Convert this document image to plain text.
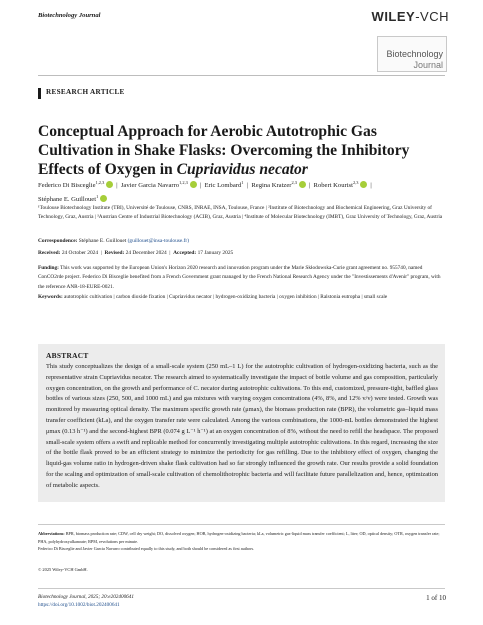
Biotechnology Journal	WILEY-VCH
Biotechnology
Journal
RESEARCH ARTICLE
Conceptual Approach for Aerobic Autotrophic Gas Cultivation in Shake Flasks: Overcoming the Inhibitory Effects of Oxygen in Cupriavidus necator
Federico Di Bisceglie$^{1,2,3}$   |  Javier Garcia Navarro$^{1,2,3}$   |  Eric Lombard$^1$  |  Regina Kratzer$^{2,3}$   |  Robert Kourist$^{2,3}$   |
Stéphane E. Guillouet$^1$
¹Toulouse Biotechnology Institute (TBI), Université de Toulouse, CNRS, INRAE, INSA, Toulouse, France | ²Institute of Biotechnology and Biochemical Engineering, Graz University of Technology, Graz, Austria | ³Austrian Centre of Industrial Biotechnology (ACIB), Graz, Austria | ⁴Institute of Molecular Biotechnology (IMBT), Graz University of Technology, Graz, Austria
Correspondence: Stéphane E. Guillouet (guillouet@insa-toulouse.fr)
Received: 24 October 2024  |  Revised: 24 December 2024  |  Accepted: 17 January 2025
Funding: This work was supported by the European Union's Horizon 2020 research and innovation program under the Marie Skłodowska-Curie grant agreement no. 955740, named ConCO2rde project. Federico Di Bisceglie benefited from a French Government grant managed by the French National Research Agency under the "Investissements d'Avenir" program, with the reference ANR-18-EURE-0021.
Keywords: autotrophic cultivation | carbon dioxide fixation | Cupriavidus necator | hydrogen-oxidizing bacteria | oxygen inhibition | Ralstonia eutropha | small scale
ABSTRACT
This study conceptualizes the design of a small-scale system (250 mL–1 L) for the autotrophic cultivation of hydrogen-oxidizing bacteria, such as the representative strain Cupriavidus necator. The research aimed to systematically investigate the impact of bottle volume and gas composition, particularly oxygen concentration, on the growth and performance of C. necator during autotrophic cultivations. To this end, customized, pressure-tight, baffled glass bottles of various sizes (250, 500, and 1000 mL) and gas mixtures with varying oxygen concentrations (4%, 8%, and 12% v/v) were tested. Growth was monitored by measuring optical density. The maximum specific growth rate (μmax), the biomass production rate (BPR), the volumetric gas–liquid mass transfer coefficient (kLa), and the oxygen transfer rate were calculated. Among the various combinations, the 1000-mL bottles demonstrated the highest μmax (0.13 h⁻¹) and the second-highest BPR (0.074 g L⁻¹ h⁻¹) at an oxygen concentration of 8%, without the need to refill the headspace. The proposed small-scale system offers a swift and replicable method for concurrently investigating multiple autotrophic cultivations. In this regard, increasing the size of the bottle flask proved to be an efficient strategy to minimize the periodicity for gas refilling. Due to the inhibitory effect of oxygen, changing the liquid-gas volume ratio in hydrogen-driven shake flask cultivation had so far strongly influenced the growth rate. Our results provide a solid foundation for the scaling and optimization of small-scale cultivation of chemolithotrophic bacteria and will facilitate future parallelization and, hence, optimization of metabolic aspects.
Abbreviations: BPR, biomass production rate; CDW, cell dry weight; DO, dissolved oxygen; HOB, hydrogen-oxidizing bacteria; kLa, volumetric gas-liquid mass transfer coefficient; L, liter; OD, optical density; OTR, oxygen transfer rate; PHA, polyhydroxyalkanoate; RPM, revolutions per minute.
Federico Di Bisceglie and Javier Garcia Navarro contributed equally to this study, and both should be considered as first authors.
© 2025 Wiley-VCH GmbH.
Biotechnology Journal, 2025; 20:e202400641
https://doi.org/10.1002/biot.202400641
1 of 10
